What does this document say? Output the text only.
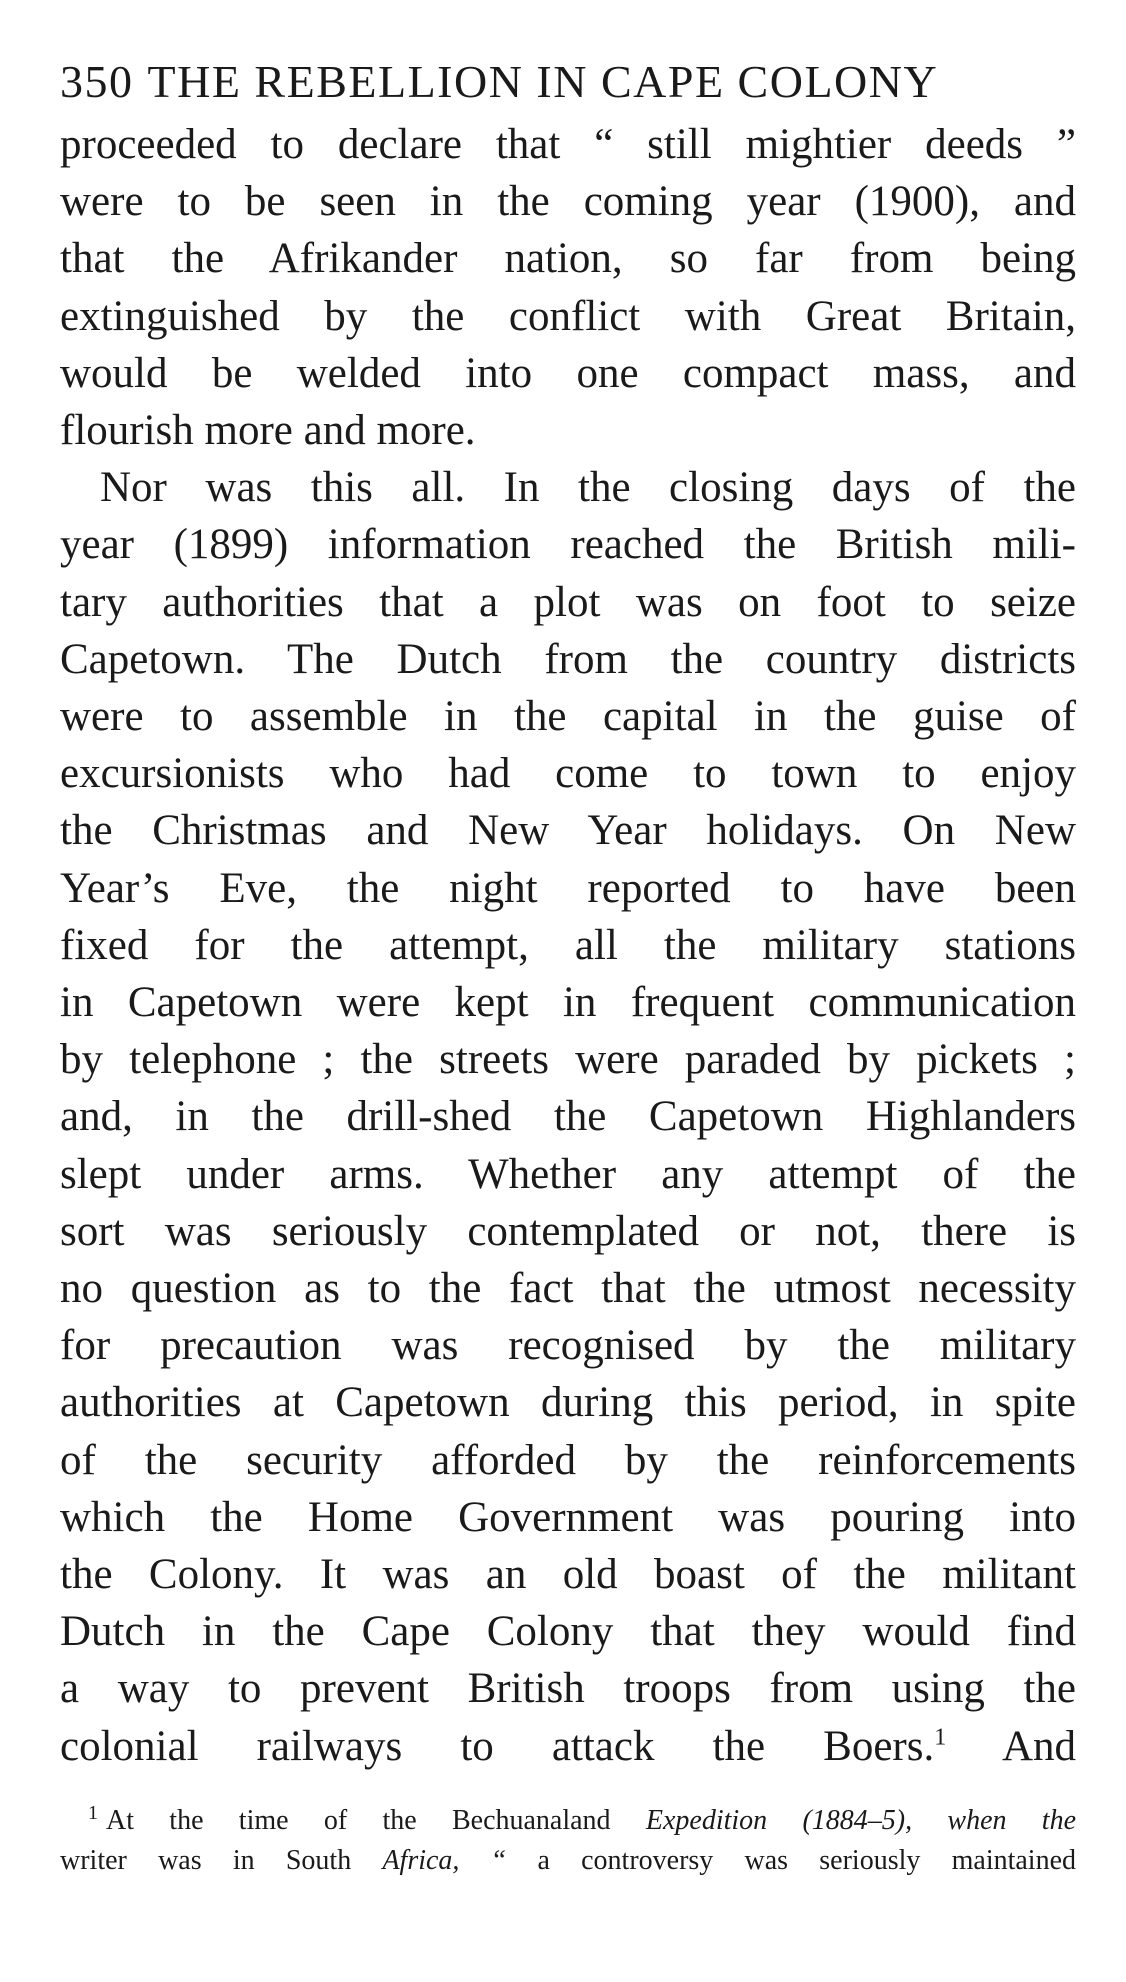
350 THE REBELLION IN CAPE COLONY

proceeded to declare that “ still mightier deeds ”
were to be seen in the coming year (1900), and
that the Afrikander nation, so far from being
extinguished by the conflict with Great Britain,
would be welded into one compact mass, and
flourish more and more.

Nor was this all. In the closing days of the
year (1899) information reached the British mili-
tary authorities that a plot was on foot to seize
Capetown. The Dutch from the country districts
were to assemble in the capital in the guise of
excursionists who had come to town to enjoy
the Christmas and New Year holidays. On New
Year’s Eve, the night reported to have been
fixed for the attempt, all the military stations
in Capetown were kept in frequent communication
by telephone ; the streets were paraded by pickets ;
and, in the drill-shed the Capetown Highlanders
slept under arms. Whether any attempt of the
sort was seriously contemplated or not, there is
no question as to the fact that the utmost necessity
for precaution was recognised by the military
authorities at Capetown during this period, in spite
of the security afforded by the reinforcements
which the Home Government was pouring into
the Colony. It was an old boast of the militant
Dutch in the Cape Colony that they would find
a way to prevent British troops from using the
colonial railways to attack the Boers.$^1$ And

$^1$ At the time of the Bechuanaland Expedition (1884–5), when the
writer was in South Africa, “ a controversy was seriously maintained
